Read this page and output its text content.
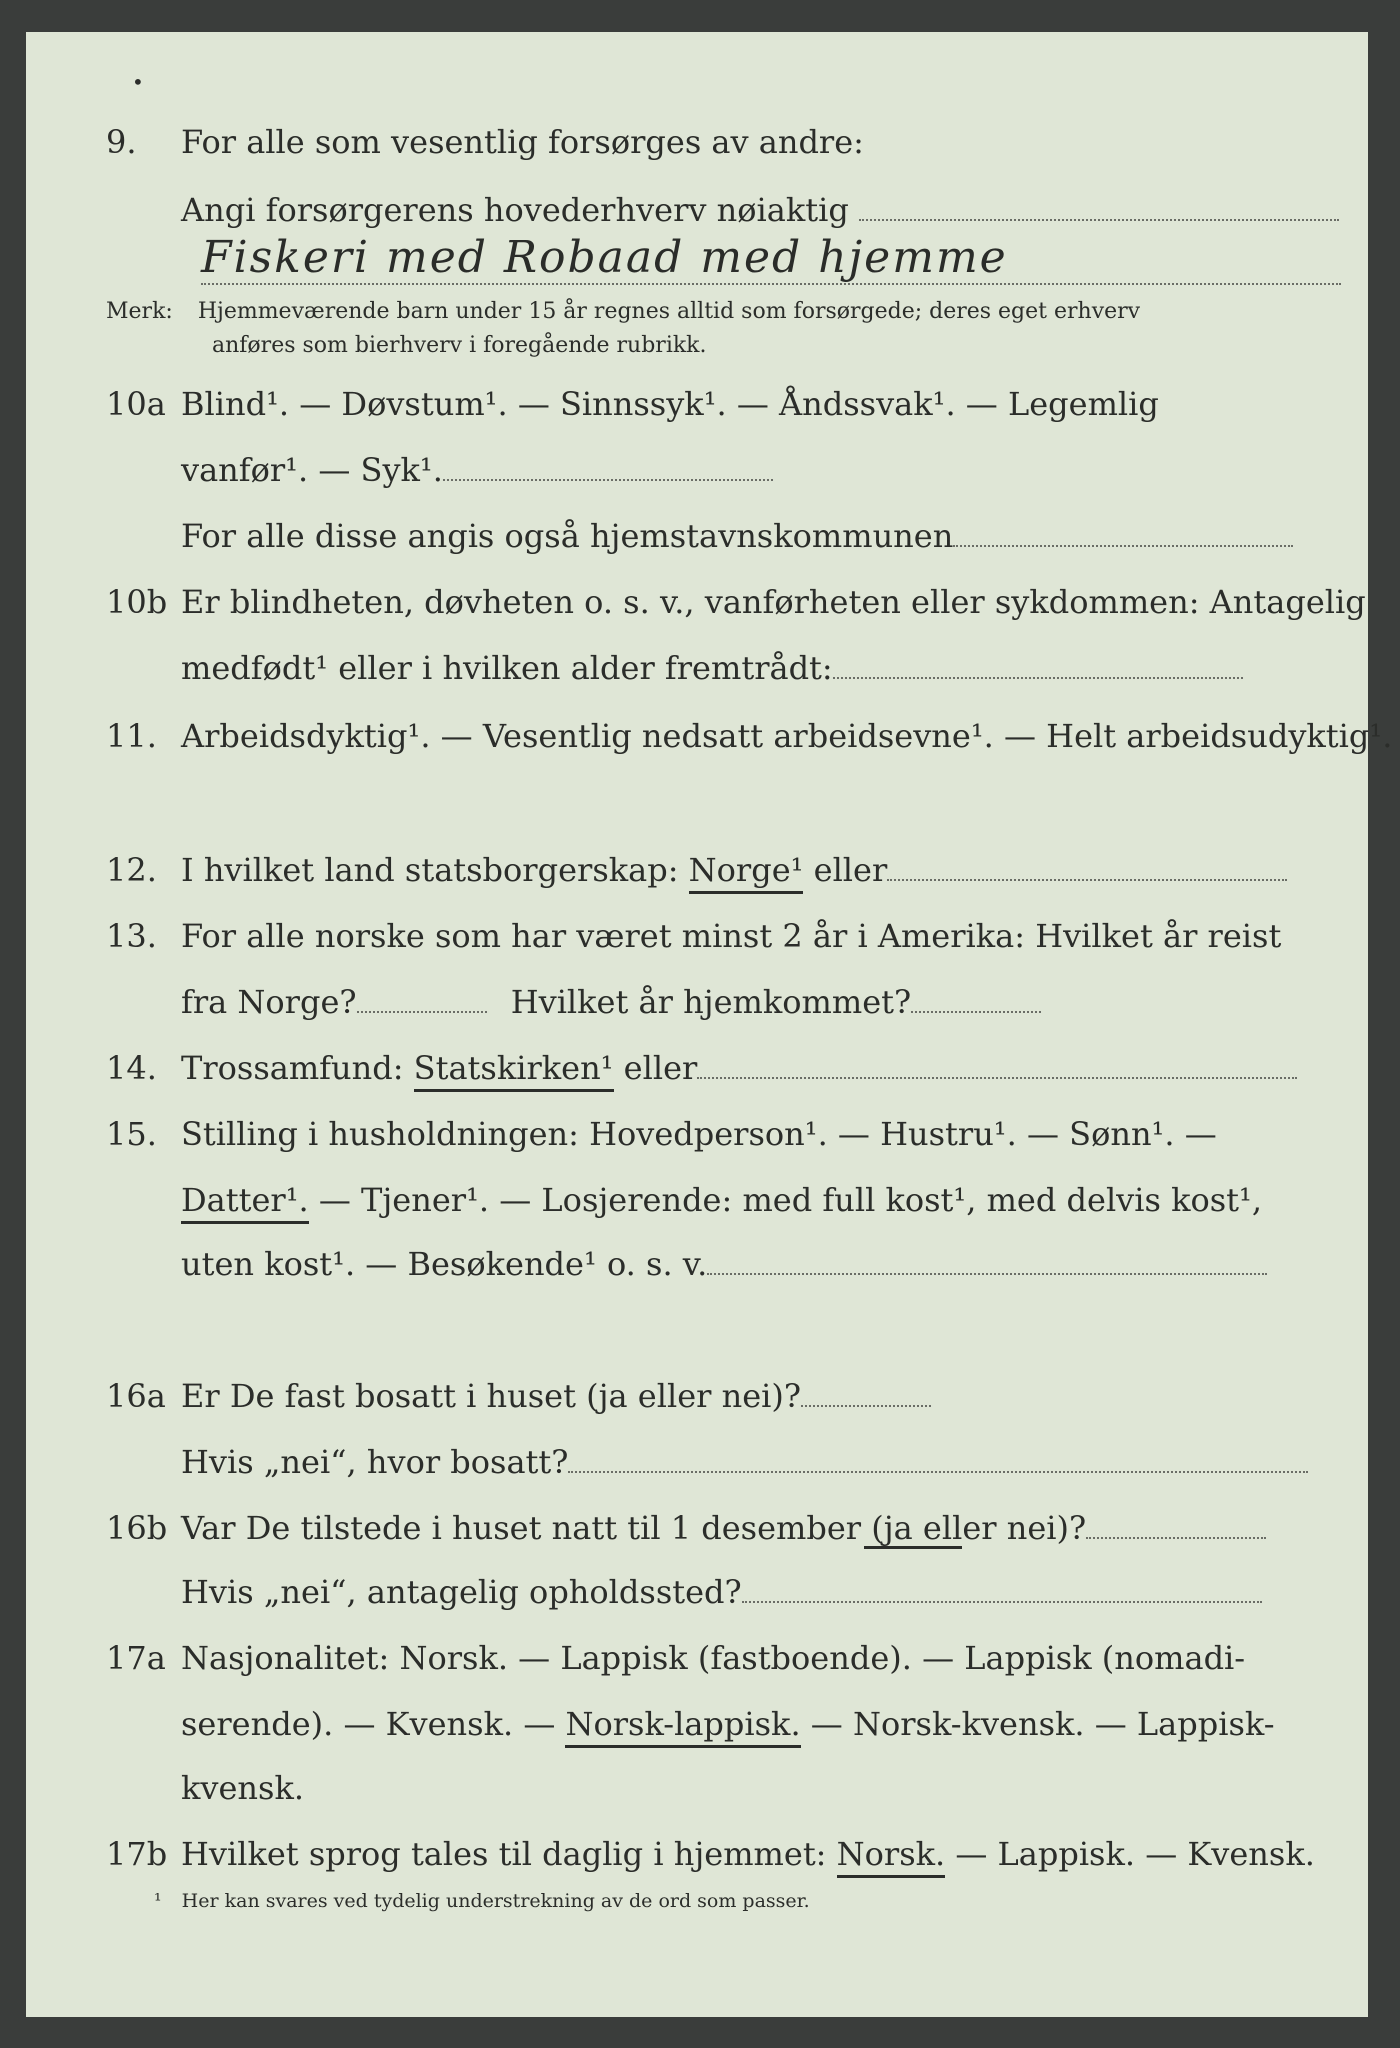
•
9. For alle som vesentlig forsørges av andre:
Angi forsørgerens hovederhverv nøiaktig
Fiskeri med Robaad med hjemme
Merk: Hjemmeværende barn under 15 år regnes alltid som forsørgede; deres eget erhverv
anføres som bierhverv i foregående rubrikk.
10a Blind¹. — Døvstum¹. — Sinnssyk¹. — Åndssvak¹. — Legemlig
vanfør¹. — Syk¹.
For alle disse angis også hjemstavnskommunen
10b Er blindheten, døvheten o. s. v., vanførheten eller sykdommen: Antagelig
medfødt¹ eller i hvilken alder fremtrådt:
11. Arbeidsdyktig¹. — Vesentlig nedsatt arbeidsevne¹. — Helt arbeidsudyktig¹.
12. I hvilket land statsborgerskap: Norge¹ eller
13. For alle norske som har været minst 2 år i Amerika: Hvilket år reist
fra Norge?	Hvilket år hjemkommet?
14. Trossamfund: Statskirken¹ eller
15. Stilling i husholdningen: Hovedperson¹. — Hustru¹. — Sønn¹. —
Datter¹. — Tjener¹. — Losjerende: med full kost¹, med delvis kost¹,
uten kost¹. — Besøkende¹ o. s. v.
16a Er De fast bosatt i huset (ja eller nei)?
Hvis „nei“, hvor bosatt?
16b Var De tilstede i huset natt til 1 desember (ja eller nei)?
Hvis „nei“, antagelig opholdssted?
17a Nasjonalitet: Norsk. — Lappisk (fastboende). — Lappisk (nomadi-
serende). — Kvensk. — Norsk-lappisk. — Norsk-kvensk. — Lappisk-
kvensk.
17b Hvilket sprog tales til daglig i hjemmet: Norsk. — Lappisk. — Kvensk.
¹ Her kan svares ved tydelig understrekning av de ord som passer.
